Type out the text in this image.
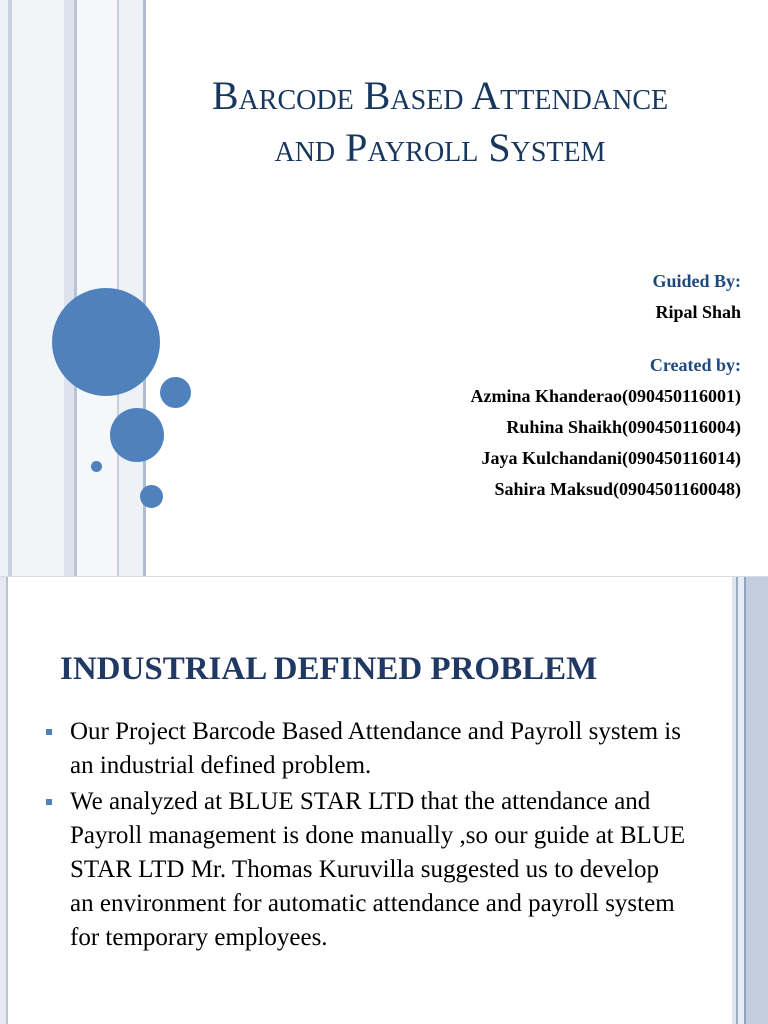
Barcode Based Attendance
and Payroll System
Guided By:
Ripal Shah
Created by:
Azmina Khanderao(090450116001)
Ruhina Shaikh(090450116004)
Jaya Kulchandani(090450116014)
Sahira Maksud(0904501160048)
INDUSTRIAL DEFINED PROBLEM
Our Project Barcode Based Attendance and Payroll system is an industrial defined problem.
We analyzed at BLUE STAR LTD that the attendance and Payroll management is done manually ,so our guide at BLUE STAR LTD Mr. Thomas Kuruvilla suggested us to develop an environment for automatic attendance and payroll system for temporary employees.
